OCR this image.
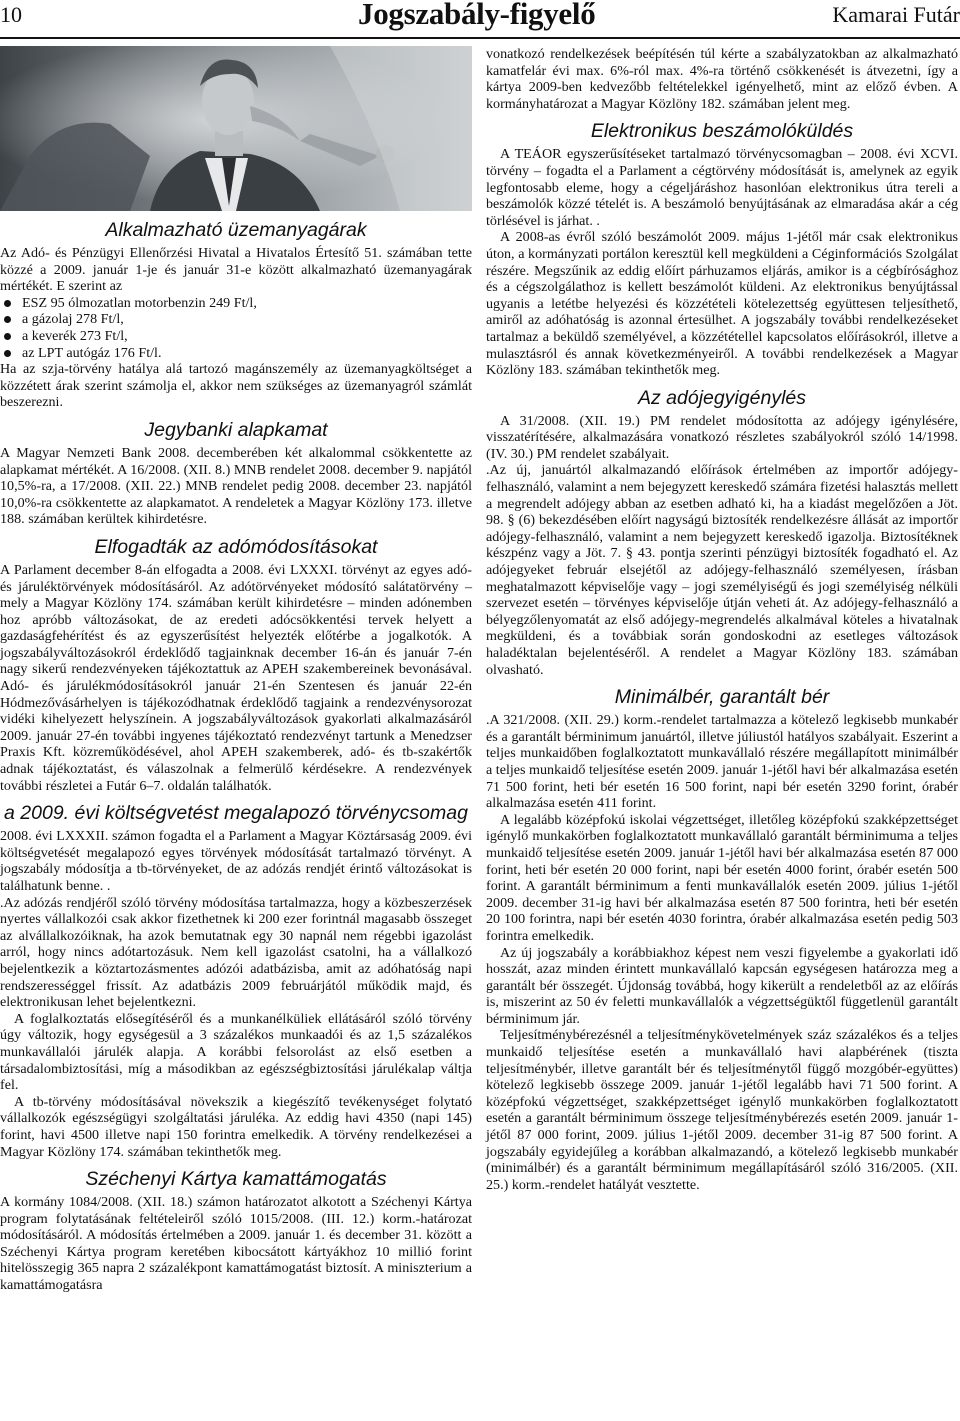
10	Jogszabály-figyelő	Kamarai Futár
Alkalmazható üzemanyagárak

Az Adó- és Pénzügyi Ellenőrzési Hivatal a Hivatalos Értesítő 51. számában tette közzé a 2009. január 1-je és január 31-e között alkalmazható üzemanyagárak mértékét. E szerint az

ESZ 95 ólmozatlan motorbenzin 249 Ft/l,
a gázolaj 278 Ft/l,
a keverék 273 Ft/l,
az LPT autógáz 176 Ft/l.

Ha az szja-törvény hatálya alá tartozó magánszemély az üzemanyagköltséget a közzétett árak szerint számolja el, akkor nem szükséges az üzemanyagról számlát beszerezni.

Jegybanki alapkamat

A Magyar Nemzeti Bank 2008. decemberében két alkalommal csökkentette az alapkamat mértékét. A 16/2008. (XII. 8.) MNB rendelet 2008. december 9. napjától 10,5%-ra, a 17/2008. (XII. 22.) MNB rendelet pedig 2008. december 23. napjától 10,0%-ra csökkentette az alapkamatot. A rendeletek a Magyar Közlöny 173. illetve 188. számában kerültek kihirdetésre.

Elfogadták az adómódosításokat

A Parlament december 8-án elfogadta a 2008. évi LXXXI. törvényt az egyes adó- és járuléktörvények módosításáról. Az adótörvényeket módosító salátatörvény – mely a Magyar Közlöny 174. számában került kihirdetésre – minden adónemben hoz apróbb változásokat, de az eredeti adócsökkentési tervek helyett a gazdaságfehérítést és az egyszerűsítést helyezték előtérbe a jogalkotók. A jogszabályváltozásokról érdeklődő tagjainknak december 16-án és január 7-én nagy sikerű rendezvényeken tájékoztattuk az APEH szakembereinek bevonásával. Adó- és járulékmódosításokról január 21-én Szentesen és január 22-én Hódmezővásárhelyen is tájékozódhatnak érdeklődő tagjaink a rendezvénysorozat vidéki kihelyezett helyszínein. A jogszabályváltozások gyakorlati alkalmazásáról 2009. január 27-én további ingyenes tájékoztató rendezvényt tartunk a Menedzser Praxis Kft. közreműködésével, ahol APEH szakemberek, adó- és tb-szakértők adnak tájékoztatást, és válaszolnak a felmerülő kérdésekre. A rendezvények további részletei a Futár 6–7. oldalán találhatók.

a 2009. évi költségvetést megalapozó törvénycsomag

2008. évi LXXXII. számon fogadta el a Parlament a Magyar Köztársaság 2009. évi költségvetését megalapozó egyes törvények módosítását tartalmazó törvényt. A jogszabály módosítja a tb-törvényeket, de az adózás rendjét érintő változásokat is találhatunk benne. .

.Az adózás rendjéről szóló törvény módosítása tartalmazza, hogy a közbeszerzések nyertes vállalkozói csak akkor fizethetnek ki 200 ezer forintnál magasabb összeget az alvállalkozóiknak, ha azok bemutatnak egy 30 napnál nem régebbi igazolást arról, hogy nincs adótartozásuk. Nem kell igazolást csatolni, ha a vállalkozó bejelentkezik a köztartozásmentes adózói adatbázisba, amit az adóhatóság napi rendszerességgel frissít. Az adatbázis 2009 februárjától működik majd, és elektronikusan lehet bejelentkezni.

A foglalkoztatás elősegítéséről és a munkanélküliek ellátásáról szóló törvény úgy változik, hogy egységesül a 3 százalékos munkaadói és az 1,5 százalékos munkavállalói járulék alapja. A korábbi felsorolást az első esetben a társadalombiztosítási, míg a másodikban az egészségbiztosítási járulékalap váltja fel.

A tb-törvény módosításával növekszik a kiegészítő tevékenységet folytató vállalkozók egészségügyi szolgáltatási járuléka. Az eddig havi 4350 (napi 145) forint, havi 4500 illetve napi 150 forintra emelkedik. A törvény rendelkezései a Magyar Közlöny 174. számában tekinthetők meg.

Széchenyi Kártya kamattámogatás

A kormány 1084/2008. (XII. 18.) számon határozatot alkotott a Széchenyi Kártya program folytatásának feltételeiről szóló 1015/2008. (III. 12.) korm.-határozat módosításáról. A módosítás értelmében a 2009. január 1. és december 31. között a Széchenyi Kártya program keretében kibocsátott kártyákhoz 10 millió forint hitelösszegig 365 napra 2 százalékpont kamattámogatást biztosít. A miniszterium a kamattámogatásra

vonatkozó rendelkezések beépítésén túl kérte a szabályzatokban az alkalmazható kamatfelár évi max. 6%-ról max. 4%-ra történő csökkenését is átvezetni, így a kártya 2009-ben kedvezőbb feltételekkel igényelhető, mint az előző évben. A kormányhatározat a Magyar Közlöny 182. számában jelent meg.

Elektronikus beszámolóküldés

A TEÁOR egyszerűsítéseket tartalmazó törvénycsomagban – 2008. évi XCVI. törvény – fogadta el a Parlament a cégtörvény módosítását is, amelynek az egyik legfontosabb eleme, hogy a cégeljáráshoz hasonlóan elektronikus útra tereli a beszámolók közzé tételét is. A beszámoló benyújtásának az elmaradása akár a cég törlésével is járhat. .

A 2008-as évről szóló beszámolót 2009. május 1-jétől már csak elektronikus úton, a kormányzati portálon keresztül kell megküldeni a Céginformációs Szolgálat részére. Megszűnik az eddig előírt párhuzamos eljárás, amikor is a cégbírósághoz és a cégszolgálathoz is kellett beszámolót küldeni. Az elektronikus benyújtással ugyanis a letétbe helyezési és közzétételi kötelezettség együttesen teljesíthető, amiről az adóhatóság is azonnal értesülhet. A jogszabály további rendelkezéseket tartalmaz a beküldő személyével, a közzététellel kapcsolatos előírásokról, illetve a mulasztásról és annak következményeiről. A további rendelkezések a Magyar Közlöny 183. számában tekinthetők meg.

Az adójegyigénylés

A 31/2008. (XII. 19.) PM rendelet módosította az adójegy igénylésére, visszatérítésére, alkalmazására vonatkozó részletes szabályokról szóló 14/1998. (IV. 30.) PM rendelet szabályait.

.Az új, januártól alkalmazandó előírások értelmében az importőr adójegy-felhasználó, valamint a nem bejegyzett kereskedő számára fizetési halasztás mellett a megrendelt adójegy abban az esetben adható ki, ha a kiadást megelőzően a Jöt. 98. § (6) bekezdésében előírt nagyságú biztosíték rendelkezésre állását az importőr adójegy-felhasználó, valamint a nem bejegyzett kereskedő igazolja. Biztosítéknek készpénz vagy a Jöt. 7. § 43. pontja szerinti pénzügyi biztosíték fogadható el. Az adójegyeket február elsejétől az adójegy-felhasználó személyesen, írásban meghatalmazott képviselője vagy – jogi személyiségű és jogi személyiség nélküli szervezet esetén – törvényes képviselője útján veheti át. Az adójegy-felhasználó a bélyegzőlenyomatát az első adójegy-megrendelés alkalmával köteles a hivatalnak megküldeni, és a továbbiak során gondoskodni az esetleges változások haladéktalan bejelentéséről. A rendelet a Magyar Közlöny 183. számában olvasható.

Minimálbér, garantált bér

.A 321/2008. (XII. 29.) korm.-rendelet tartalmazza a kötelező legkisebb munkabér és a garantált bérminimum januártól, illetve júliustól hatályos szabályait. Eszerint a teljes munkaidőben foglalkoztatott munkavállaló részére megállapított minimálbér a teljes munkaidő teljesítése esetén 2009. január 1-jétől havi bér alkalmazása esetén 71 500 forint, heti bér esetén 16 500 forint, napi bér esetén 3290 forint, órabér alkalmazása esetén 411 forint.

A legalább középfokú iskolai végzettséget, illetőleg középfokú szakképzettséget igénylő munkakörben foglalkoztatott munkavállaló garantált bérminimuma a teljes munkaidő teljesítése esetén 2009. január 1-jétől havi bér alkalmazása esetén 87 000 forint, heti bér esetén 20 000 forint, napi bér esetén 4000 forint, órabér esetén 500 forint. A garantált bérminimum a fenti munkavállalók esetén 2009. július 1-jétől 2009. december 31-ig havi bér alkalmazása esetén 87 500 forintra, heti bér esetén 20 100 forintra, napi bér esetén 4030 forintra, órabér alkalmazása esetén pedig 503 forintra emelkedik.

Az új jogszabály a korábbiakhoz képest nem veszi figyelembe a gyakorlati idő hosszát, azaz minden érintett munkavállaló kapcsán egységesen határozza meg a garantált bér összegét. Újdonság továbbá, hogy kikerült a rendeletből az az előírás is, miszerint az 50 év feletti munkavállalók a végzettségüktől függetlenül garantált bérminimum jár.

Teljesítménybérezésnél a teljesítménykövetelmények száz százalékos és a teljes munkaidő teljesítése esetén a munkavállaló havi alapbérének (tiszta teljesítménybér, illetve garantált bér és teljesítménytől függő mozgóbér-együttes) kötelező legkisebb összege 2009. január 1-jétől legalább havi 71 500 forint. A középfokú végzettséget, szakképzettséget igénylő munkakörben foglalkoztatott esetén a garantált bérminimum összege teljesítménybérezés esetén 2009. január 1-jétől 87 000 forint, 2009. július 1-jétől 2009. december 31-ig 87 500 forint. A jogszabály egyidejűleg a korábban alkalmazandó, a kötelező legkisebb munkabér (minimálbér) és a garantált bérminimum megállapításáról szóló 316/2005. (XII. 25.) korm.-rendelet hatályát vesztette.
